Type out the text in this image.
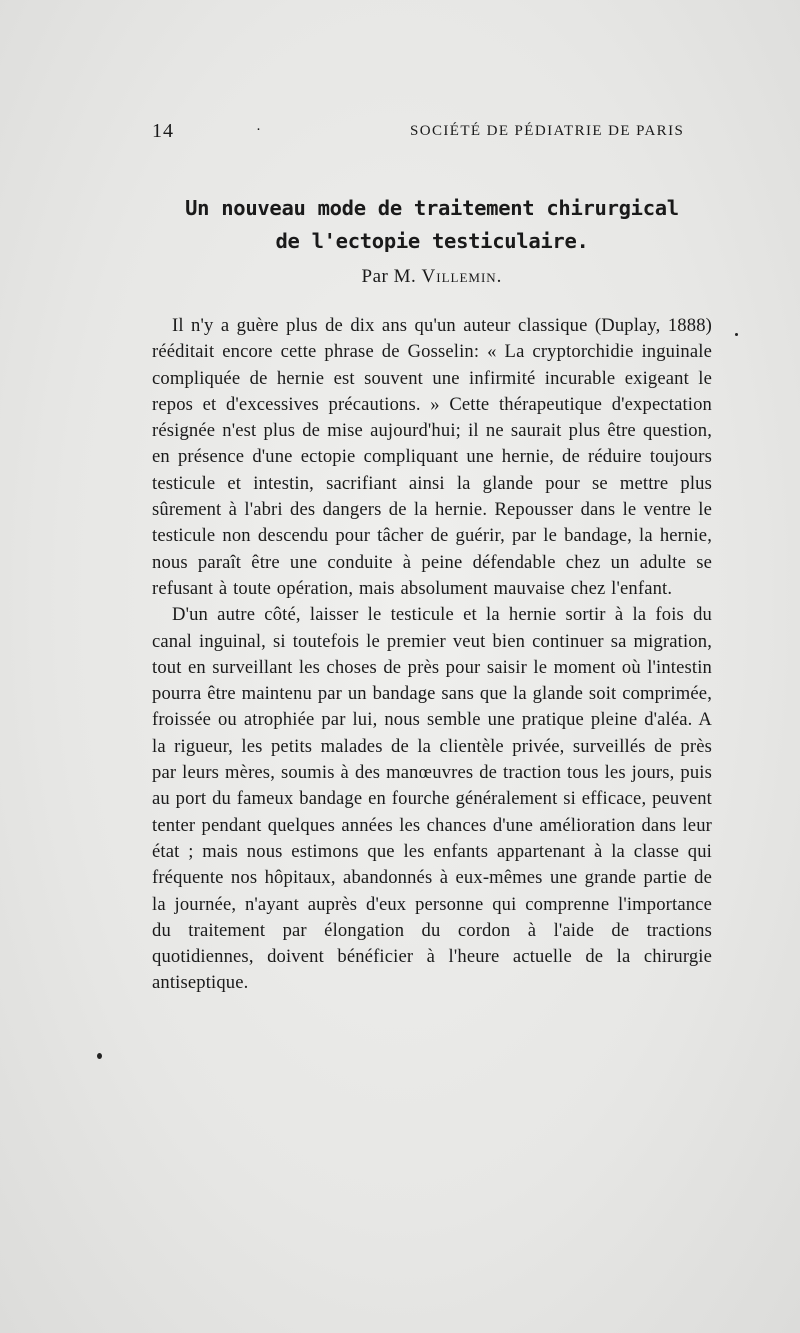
14	·	SOCIÉTÉ DE PÉDIATRIE DE PARIS
Un nouveau mode de traitement chirurgical
de l'ectopie testiculaire.
Par M. Villemin.

Il n'y a guère plus de dix ans qu'un auteur classique (Duplay, 1888) rééditait encore cette phrase de Gosselin: « La cryptorchidie inguinale compliquée de hernie est souvent une infirmité incurable exigeant le repos et d'excessives précautions. » Cette thérapeutique d'expectation résignée n'est plus de mise aujourd'hui; il ne saurait plus être question, en présence d'une ectopie compliquant une hernie, de réduire toujours testicule et intestin, sacrifiant ainsi la glande pour se mettre plus sûrement à l'abri des dangers de la hernie. Repousser dans le ventre le testicule non descendu pour tâcher de guérir, par le bandage, la hernie, nous paraît être une conduite à peine défendable chez un adulte se refusant à toute opération, mais absolument mauvaise chez l'enfant.

D'un autre côté, laisser le testicule et la hernie sortir à la fois du canal inguinal, si toutefois le premier veut bien continuer sa migration, tout en surveillant les choses de près pour saisir le moment où l'intestin pourra être maintenu par un bandage sans que la glande soit comprimée, froissée ou atrophiée par lui, nous semble une pratique pleine d'aléa. A la rigueur, les petits malades de la clientèle privée, surveillés de près par leurs mères, soumis à des manœuvres de traction tous les jours, puis au port du fameux bandage en fourche généralement si efficace, peuvent tenter pendant quelques années les chances d'une amélioration dans leur état ; mais nous estimons que les enfants appartenant à la classe qui fréquente nos hôpitaux, abandonnés à eux-mêmes une grande partie de la journée, n'ayant auprès d'eux personne qui comprenne l'importance du traitement par élongation du cordon à l'aide de tractions quotidiennes, doivent bénéficier à l'heure actuelle de la chirurgie antiseptique.
